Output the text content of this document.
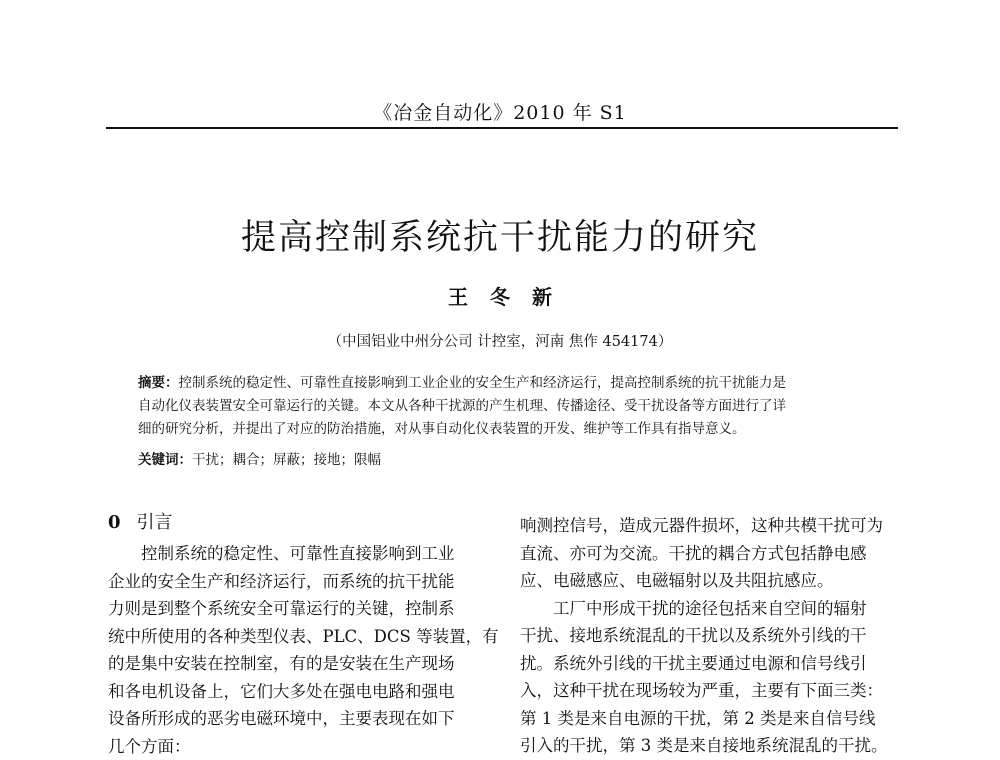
《冶金自动化》2010 年 S1
提高控制系统抗干扰能力的研究
王冬新
（中国铝业中州分公司 计控室，河南 焦作 454174）

摘要：控制系统的稳定性、可靠性直接影响到工业企业的安全生产和经济运行，提高控制系统的抗干扰能力是
自动化仪表装置安全可靠运行的关键。本文从各种干扰源的产生机理、传播途径、受干扰设备等方面进行了详
细的研究分析，并提出了对应的防治措施，对从事自动化仪表装置的开发、维护等工作具有指导意义。

关键词：干扰；耦合；屏蔽；接地；限幅

0 引言
　　控制系统的稳定性、可靠性直接影响到工业
企业的安全生产和经济运行，而系统的抗干扰能
力则是到整个系统安全可靠运行的关键，控制系
统中所使用的各种类型仪表、PLC、DCS 等装置，有
的是集中安装在控制室，有的是安装在生产现场
和各电机设备上，它们大多处在强电电路和强电
设备所形成的恶劣电磁环境中，主要表现在如下
几个方面：
响测控信号，造成元器件损坏，这种共模干扰可为
直流、亦可为交流。干扰的耦合方式包括静电感
应、电磁感应、电磁辐射以及共阻抗感应。
　　工厂中形成干扰的途径包括来自空间的辐射
干扰、接地系统混乱的干扰以及系统外引线的干
扰。系统外引线的干扰主要通过电源和信号线引
入，这种干扰在现场较为严重，主要有下面三类：
第 1 类是来自电源的干扰，第 2 类是来自信号线
引入的干扰，第 3 类是来自接地系统混乱的干扰。
